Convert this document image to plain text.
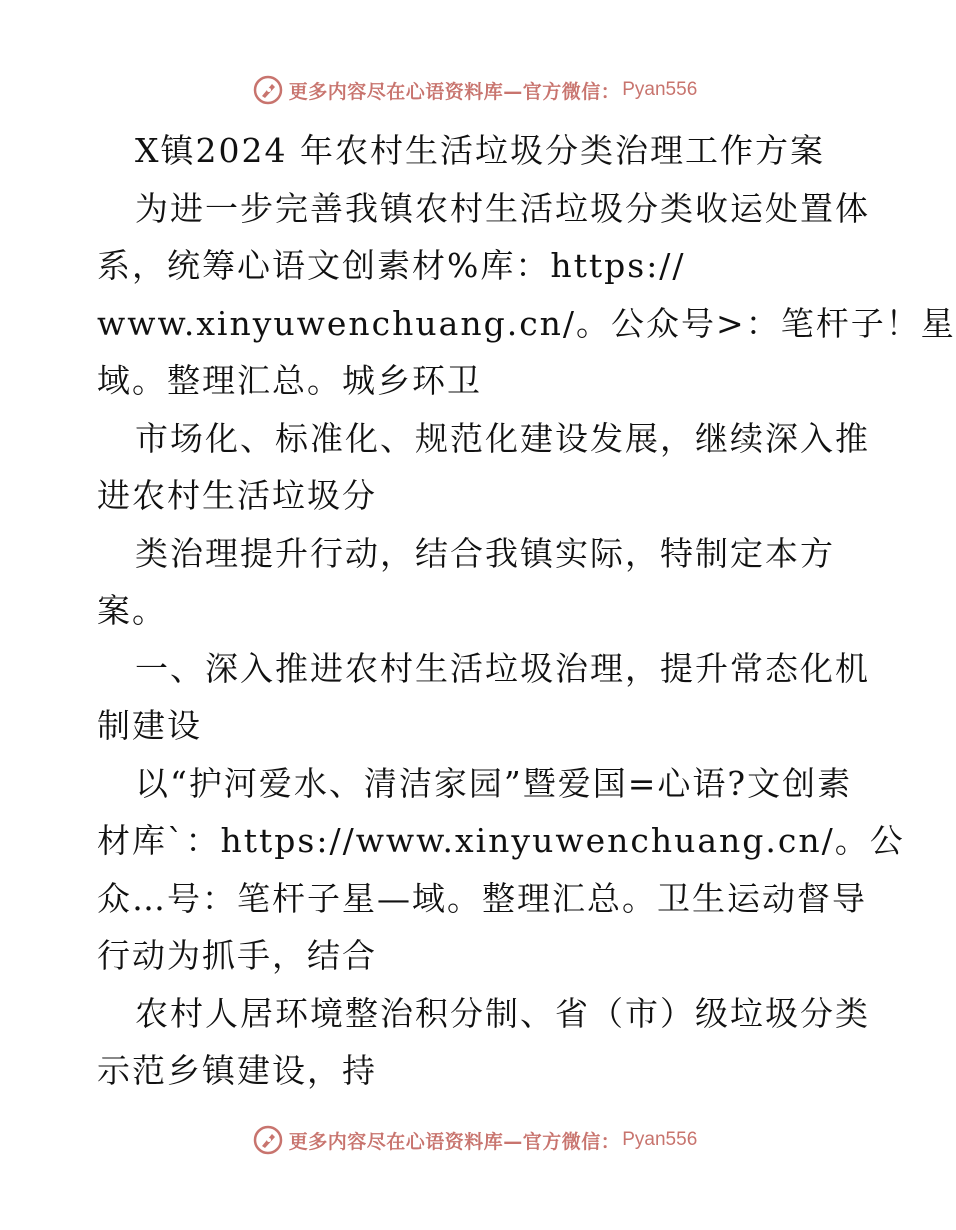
更多内容尽在心语资料库—官方微信： Pyan556
X镇2024 年农村生活垃圾分类治理工作方案
为进一步完善我镇农村生活垃圾分类收运处置体
系，统筹心语文创素材%库：https://
www.xinyuwenchuang.cn/。公众号>：笔杆子！星
域。整理汇总。城乡环卫
市场化、标准化、规范化建设发展，继续深入推
进农村生活垃圾分
类治理提升行动，结合我镇实际，特制定本方
案。
一、深入推进农村生活垃圾治理，提升常态化机
制建设
以“护河爱水、清洁家园”暨爱国=心语?文创素
材库`：https://www.xinyuwenchuang.cn/。公
众…号：笔杆子星—域。整理汇总。卫生运动督导
行动为抓手，结合
农村人居环境整治积分制、省（市）级垃圾分类
示范乡镇建设，持
更多内容尽在心语资料库—官方微信： Pyan556
